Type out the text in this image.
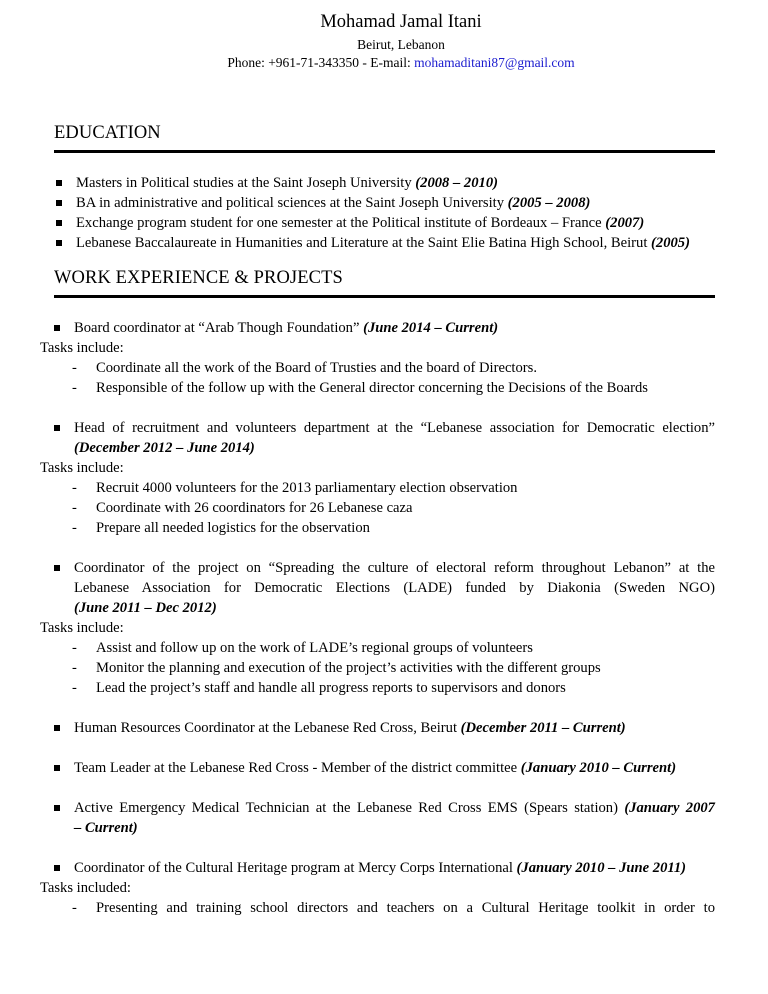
Mohamad Jamal Itani
Beirut, Lebanon
Phone: +961-71-343350 - E-mail: mohamaditani87@gmail.com
EDUCATION
Masters in Political studies at the Saint Joseph University (2008 – 2010)
BA in administrative and political sciences at the Saint Joseph University (2005 – 2008)
Exchange program student for one semester at the Political institute of Bordeaux – France (2007)
Lebanese Baccalaureate in Humanities and Literature at the Saint Elie Batina High School, Beirut (2005)
WORK EXPERIENCE & PROJECTS
Board coordinator at “Arab Though Foundation” (June 2014 – Current)
Tasks include:
- Coordinate all the work of the Board of Trusties and the board of Directors.
- Responsible of the follow up with the General director concerning the Decisions of the Boards
Head of recruitment and volunteers department at the “Lebanese association for Democratic election”
(December 2012 – June 2014)
Tasks include:
- Recruit 4000 volunteers for the 2013 parliamentary election observation
- Coordinate with 26 coordinators for 26 Lebanese caza
- Prepare all needed logistics for the observation
Coordinator of the project on “Spreading the culture of electoral reform throughout Lebanon” at the
Lebanese Association for Democratic Elections (LADE) funded by Diakonia (Sweden NGO)
(June 2011 – Dec 2012)
Tasks include:
- Assist and follow up on the work of LADE’s regional groups of volunteers
- Monitor the planning and execution of the project’s activities with the different groups
- Lead the project’s staff and handle all progress reports to supervisors and donors
Human Resources Coordinator at the Lebanese Red Cross, Beirut (December 2011 – Current)
Team Leader at the Lebanese Red Cross - Member of the district committee (January 2010 – Current)
Active Emergency Medical Technician at the Lebanese Red Cross EMS (Spears station) (January 2007
– Current)
Coordinator of the Cultural Heritage program at Mercy Corps International (January 2010 – June 2011)
Tasks included:
- Presenting and training school directors and teachers on a Cultural Heritage toolkit in order to
